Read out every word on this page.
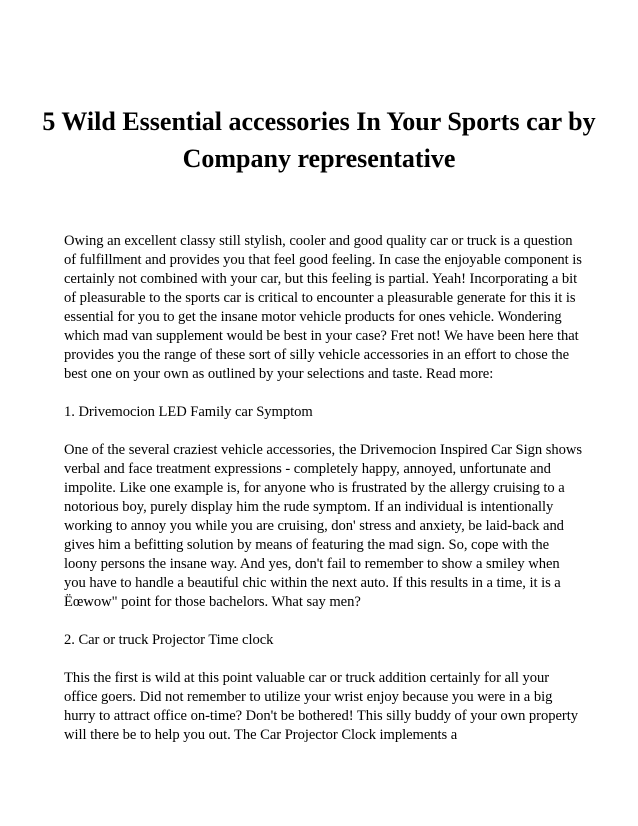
5 Wild Essential accessories In Your Sports car by Company representative

Owing an excellent classy still stylish, cooler and good quality car or truck is a question of fulfillment and provides you that feel good feeling. In case the enjoyable component is certainly not combined with your car, but this feeling is partial. Yeah! Incorporating a bit of pleasurable to the sports car is critical to encounter a pleasurable generate for this it is essential for you to get the insane motor vehicle products for ones vehicle. Wondering which mad van supplement would be best in your case? Fret not! We have been here that provides you the range of these sort of silly vehicle accessories in an effort to chose the best one on your own as outlined by your selections and taste. Read more:

1. Drivemocion LED Family car Symptom

One of the several craziest vehicle accessories, the Drivemocion Inspired Car Sign shows verbal and face treatment expressions - completely happy, annoyed, unfortunate and impolite. Like one example is, for anyone who is frustrated by the allergy cruising to a notorious boy, purely display him the rude symptom. If an individual is intentionally working to annoy you while you are cruising, don' stress and anxiety, be laid-back and gives him a befitting solution by means of featuring the mad sign. So, cope with the loony persons the insane way. And yes, don't fail to remember to show a smiley when you have to handle a beautiful chic within the next auto. If this results in a time, it is a Ëœwow" point for those bachelors. What say men?

2. Car or truck Projector Time clock

This the first is wild at this point valuable car or truck addition certainly for all your office goers. Did not remember to utilize your wrist enjoy because you were in a big hurry to attract office on-time? Don't be bothered! This silly buddy of your own property will there be to help you out. The Car Projector Clock implements a
